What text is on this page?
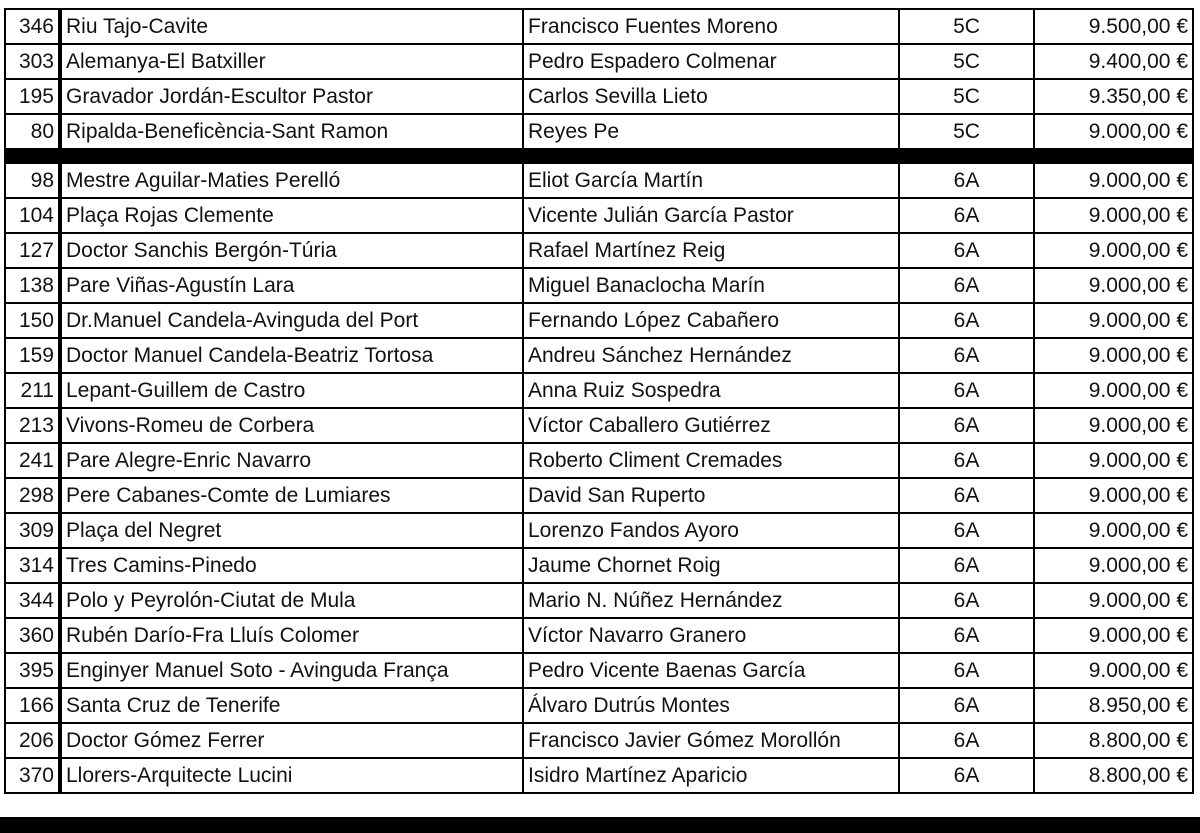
346	Riu Tajo-Cavite	Francisco Fuentes Moreno	5C	9.500,00 €
303	Alemanya-El Batxiller	Pedro Espadero Colmenar	5C	9.400,00 €
195	Gravador Jordán-Escultor Pastor	Carlos Sevilla Lieto	5C	9.350,00 €
80	Ripalda-Beneficència-Sant Ramon	Reyes Pe	5C	9.000,00 €

98	Mestre Aguilar-Maties Perelló	Eliot García Martín	6A	9.000,00 €
104	Plaça Rojas Clemente	Vicente Julián García Pastor	6A	9.000,00 €
127	Doctor Sanchis Bergón-Túria	Rafael Martínez Reig	6A	9.000,00 €
138	Pare Viñas-Agustín Lara	Miguel Banaclocha Marín	6A	9.000,00 €
150	Dr.Manuel Candela-Avinguda del Port	Fernando López Cabañero	6A	9.000,00 €
159	Doctor Manuel Candela-Beatriz Tortosa	Andreu Sánchez Hernández	6A	9.000,00 €
211	Lepant-Guillem de Castro	Anna Ruiz Sospedra	6A	9.000,00 €
213	Vivons-Romeu de Corbera	Víctor Caballero Gutiérrez	6A	9.000,00 €
241	Pare Alegre-Enric Navarro	Roberto Climent Cremades	6A	9.000,00 €
298	Pere Cabanes-Comte de Lumiares	David San Ruperto	6A	9.000,00 €
309	Plaça del Negret	Lorenzo Fandos Ayoro	6A	9.000,00 €
314	Tres Camins-Pinedo	Jaume Chornet Roig	6A	9.000,00 €
344	Polo y Peyrolón-Ciutat de Mula	Mario N. Núñez Hernández	6A	9.000,00 €
360	Rubén Darío-Fra Lluís Colomer	Víctor Navarro Granero	6A	9.000,00 €
395	Enginyer Manuel Soto - Avinguda França	Pedro Vicente Baenas García	6A	9.000,00 €
166	Santa Cruz de Tenerife	Álvaro Dutrús Montes	6A	8.950,00 €
206	Doctor Gómez Ferrer	Francisco Javier Gómez Morollón	6A	8.800,00 €
370	Llorers-Arquitecte Lucini	Isidro Martínez Aparicio	6A	8.800,00 €
